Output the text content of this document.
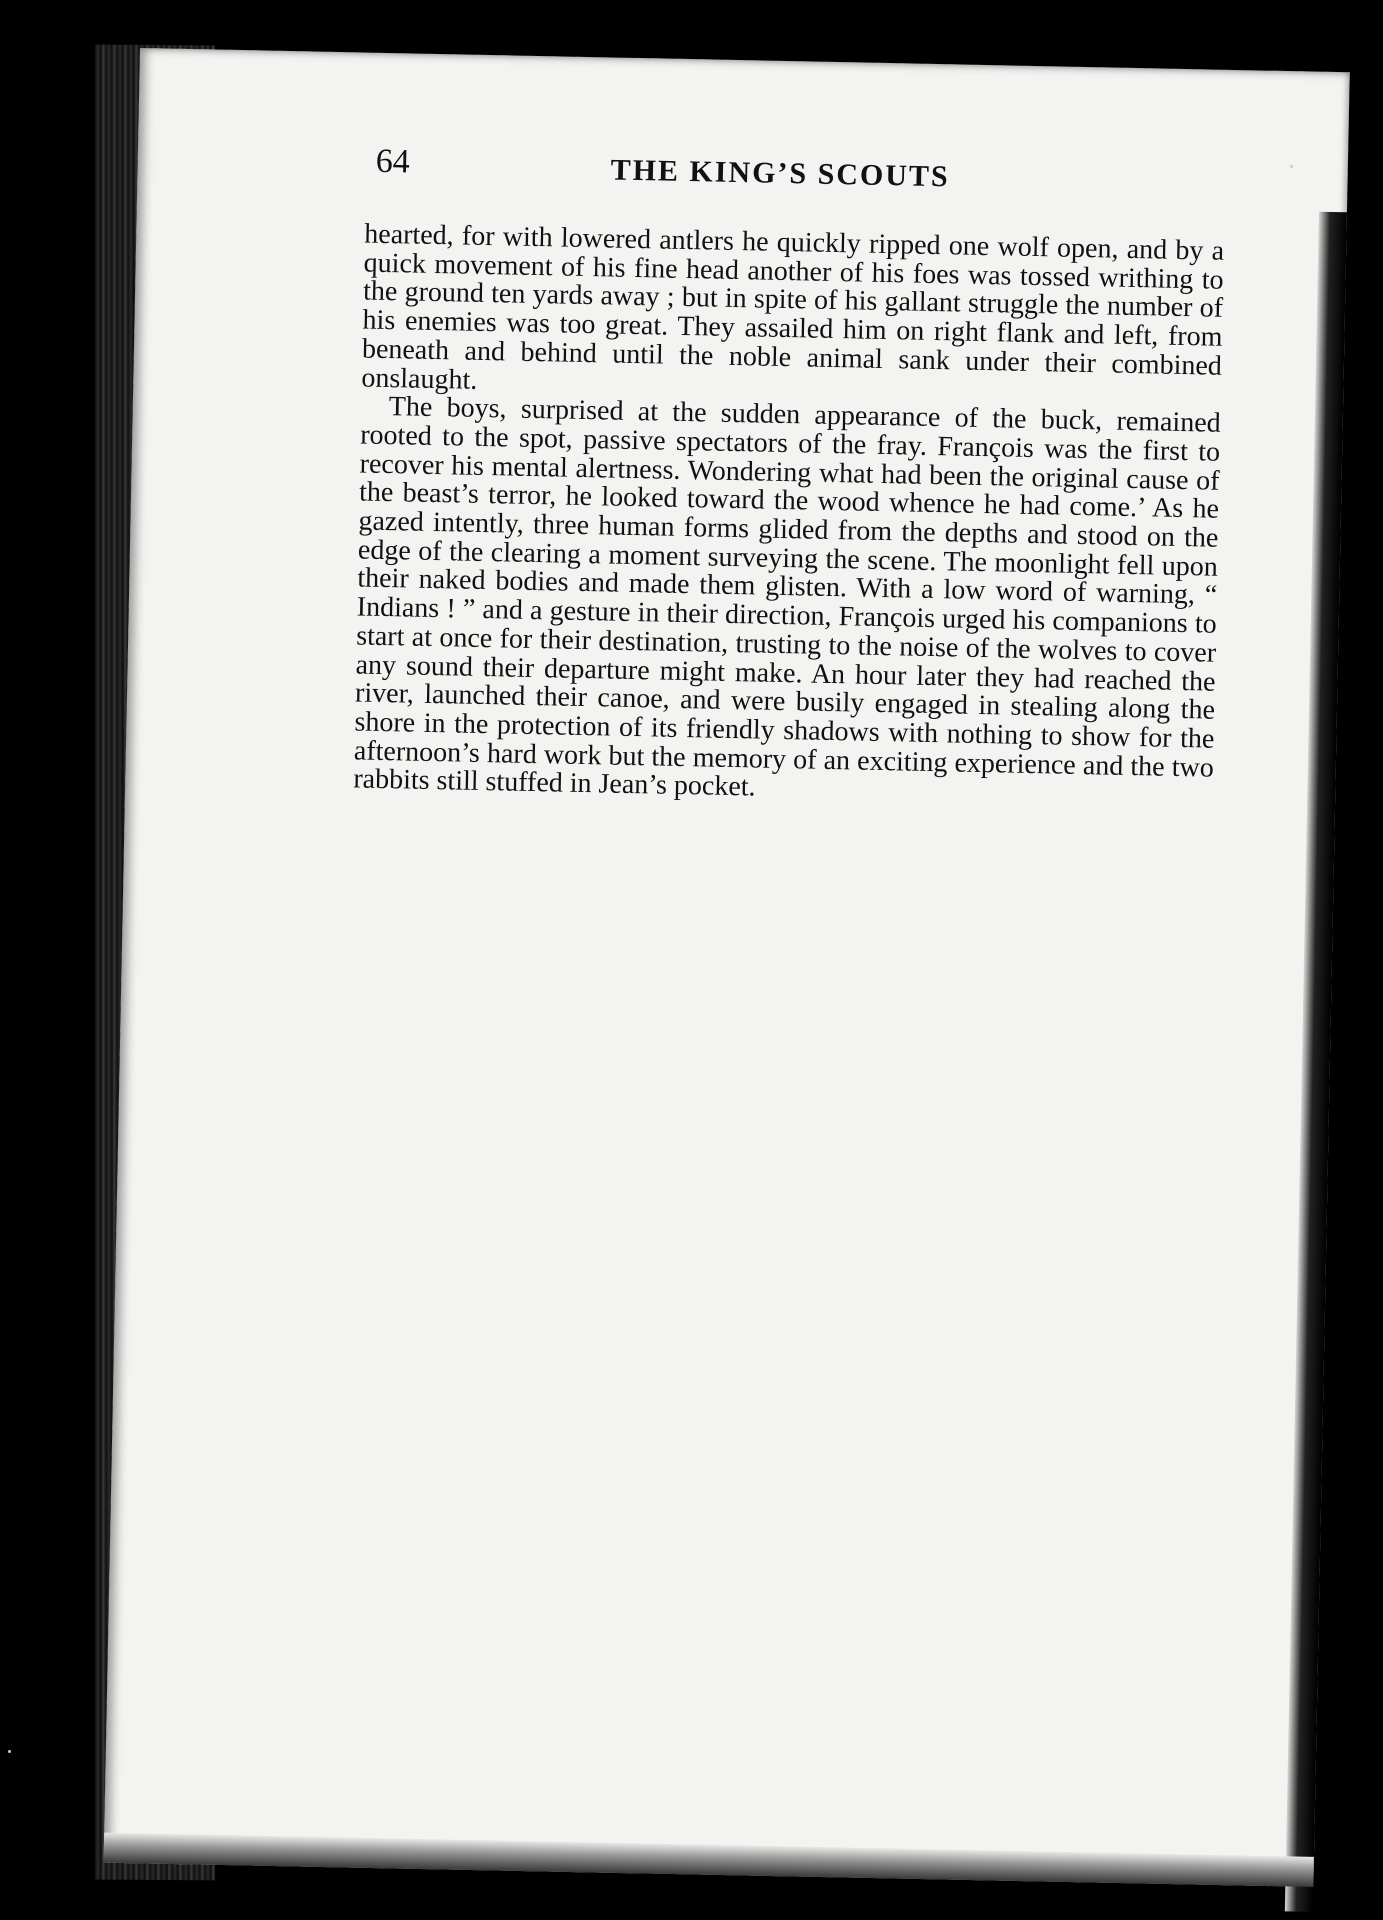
64	THE KING’S SCOUTS

hearted, for with lowered antlers he quickly ripped one wolf open, and by a quick movement of his fine head another of his foes was tossed writhing to the ground ten yards away ; but in spite of his gallant struggle the number of his enemies was too great. They assailed him on right flank and left, from beneath and behind until the noble animal sank under their combined onslaught.

The boys, surprised at the sudden appearance of the buck, remained rooted to the spot, passive spectators of the fray. François was the first to recover his mental alertness. Wondering what had been the original cause of the beast’s terror, he looked toward the wood whence he had come.’ As he gazed intently, three human forms glided from the depths and stood on the edge of the clearing a moment surveying the scene. The moonlight fell upon their naked bodies and made them glisten. With a low word of warning, “ Indians ! ” and a gesture in their direction, François urged his companions to start at once for their destination, trusting to the noise of the wolves to cover any sound their departure might make. An hour later they had reached the river, launched their canoe, and were busily engaged in stealing along the shore in the protection of its friendly shadows with nothing to show for the afternoon’s hard work but the memory of an exciting experience and the two rabbits still stuffed in Jean’s pocket.
